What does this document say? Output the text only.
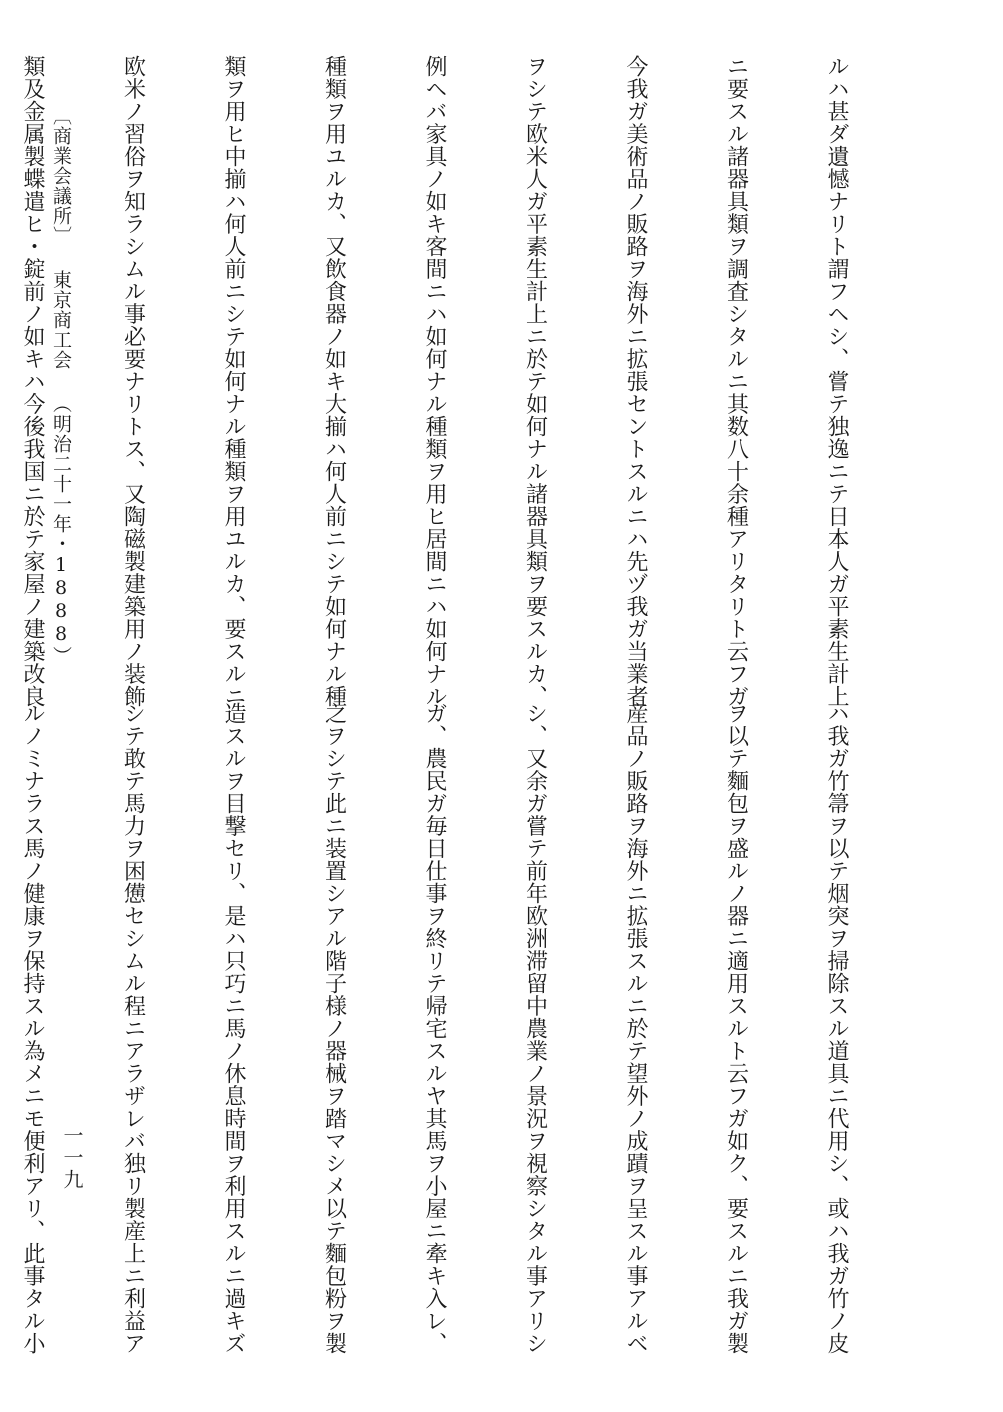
ルハ甚ダ遺憾ナリト謂フヘシ、嘗テ独逸ニテ日本人ガ平素生計上

ニ要スル諸器具類ヲ調査シタルニ其数八十余種アリタリト云フガ

今我ガ美術品ノ販路ヲ海外ニ拡張セントスルニハ先ヅ我ガ当業者

ヲシテ欧米人ガ平素生計上ニ於テ如何ナル諸器具類ヲ要スルカ、

例ヘバ家具ノ如キ客間ニハ如何ナル種類ヲ用ヒ居間ニハ如何ナル

種類ヲ用ユルカ、又飲食器ノ如キ大揃ハ何人前ニシテ如何ナル種

類ヲ用ヒ中揃ハ何人前ニシテ如何ナル種類ヲ用ユルカ、要スルニ

欧米ノ習俗ヲ知ラシムル事必要ナリトス、又陶磁製建築用ノ装飾

類及金属製蝶遣ヒ・錠前ノ如キハ今後我国ニ於テ家屋ノ建築改良

ハ我ガ竹箒ヲ以テ烟突ヲ掃除スル道具ニ代用シ、或ハ我ガ竹ノ皮

ヲ以テ麵包ヲ盛ルノ器ニ適用スルト云フガ如ク、要スルニ我ガ製

産品ノ販路ヲ海外ニ拡張スルニ於テ望外ノ成蹟ヲ呈スル事アルベ

シ、又余ガ嘗テ前年欧洲滞留中農業ノ景況ヲ視察シタル事アリシ

ガ、農民ガ毎日仕事ヲ終リテ帰宅スルヤ其馬ヲ小屋ニ牽キ入レ、

之ヲシテ此ニ装置シアル階子様ノ器械ヲ踏マシメ以テ麵包粉ヲ製

造スルヲ目撃セリ、是ハ只巧ニ馬ノ休息時間ヲ利用スルニ過キズ

シテ敢テ馬力ヲ困憊セシムル程ニアラザレバ独リ製産上ニ利益ア

ルノミナラス馬ノ健康ヲ保持スル為メニモ便利アリ、此事タル小

〔商業会議所〕東京商工会（明治二十一年・1888）

一一九
